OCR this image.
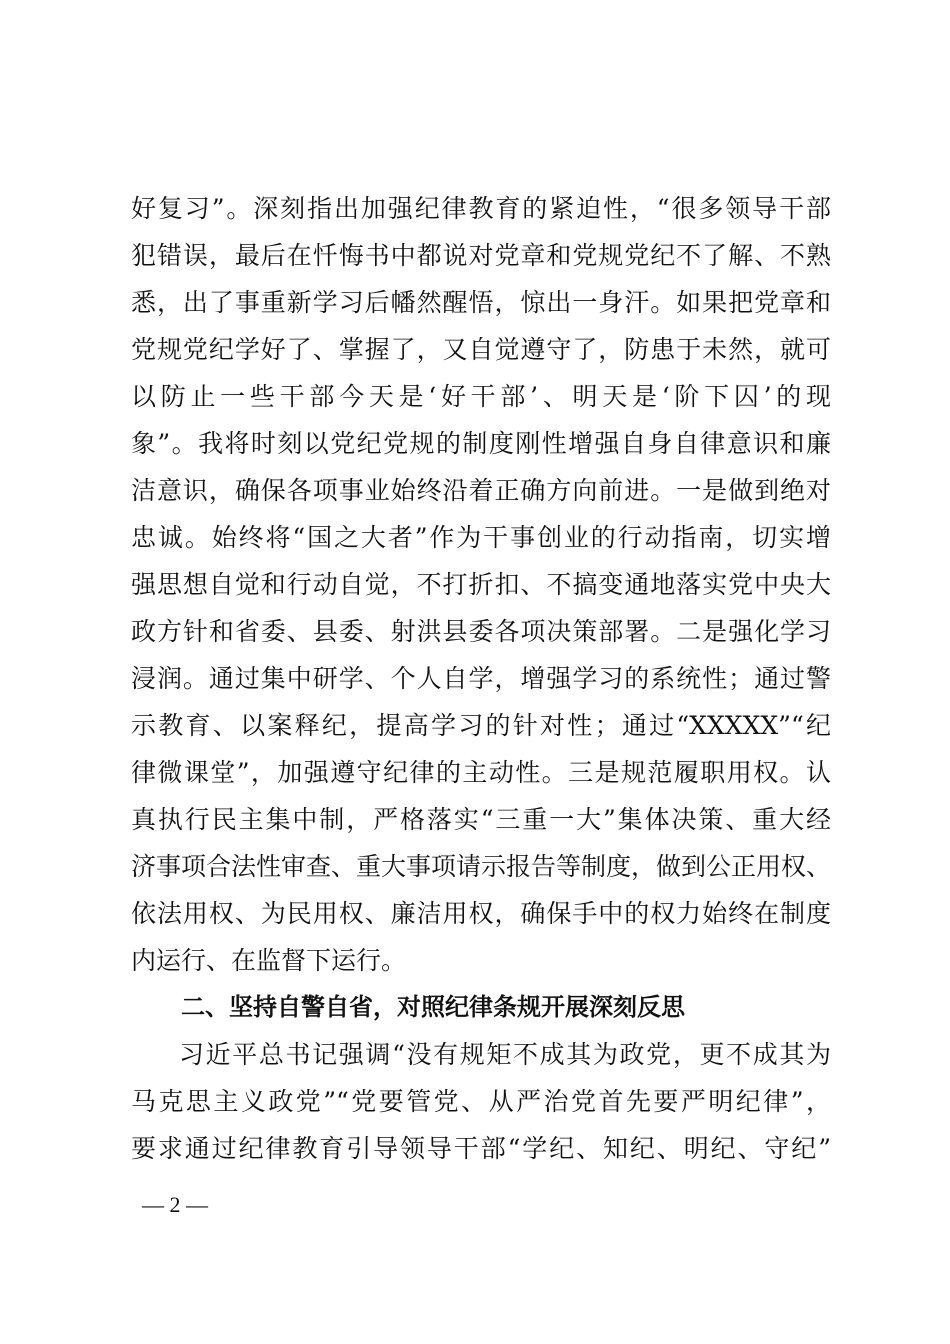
好复习”。深刻指出加强纪律教育的紧迫性，“很多领导干部
犯错误，最后在忏悔书中都说对党章和党规党纪不了解、不熟
悉，出了事重新学习后幡然醒悟，惊出一身汗。如果把党章和
党规党纪学好了、掌握了，又自觉遵守了，防患于未然，就可
以防止一些干部今天是‘好干部’、明天是‘阶下囚’的现
象”。我将时刻以党纪党规的制度刚性增强自身自律意识和廉
洁意识，确保各项事业始终沿着正确方向前进。一是做到绝对
忠诚。始终将“国之大者”作为干事创业的行动指南，切实增
强思想自觉和行动自觉，不打折扣、不搞变通地落实党中央大
政方针和省委、县委、射洪县委各项决策部署。二是强化学习
浸润。通过集中研学、个人自学，增强学习的系统性；通过警
示教育、以案释纪，提高学习的针对性；通过“XXXXX”“纪
律微课堂”，加强遵守纪律的主动性。三是规范履职用权。认
真执行民主集中制，严格落实“三重一大”集体决策、重大经
济事项合法性审查、重大事项请示报告等制度，做到公正用权、
依法用权、为民用权、廉洁用权，确保手中的权力始终在制度
内运行、在监督下运行。
二、坚持自警自省，对照纪律条规开展深刻反思
习近平总书记强调“没有规矩不成其为政党，更不成其为
马克思主义政党”“党要管党、从严治党首先要严明纪律”，
要求通过纪律教育引导领导干部“学纪、知纪、明纪、守纪”
— 2 —
